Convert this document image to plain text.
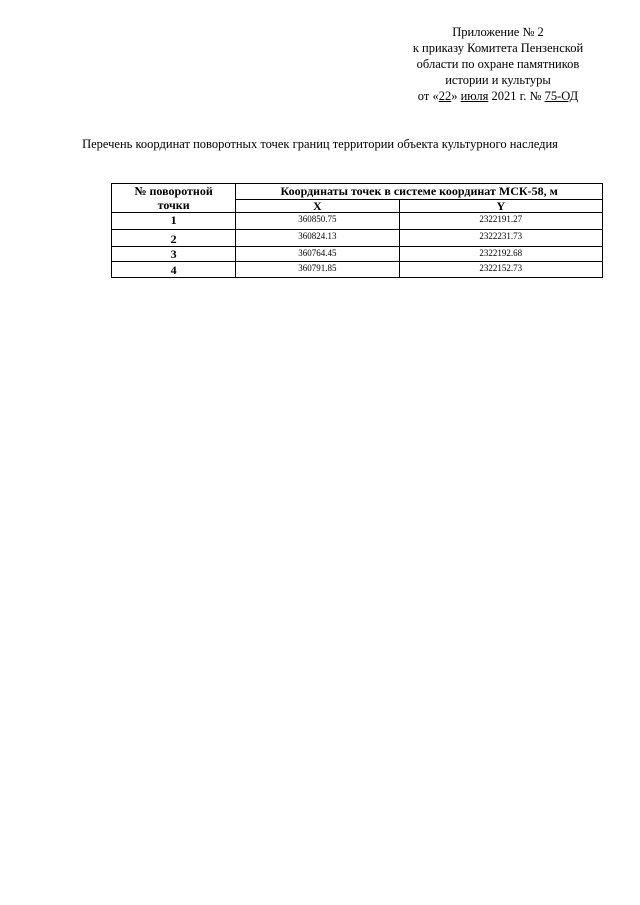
Приложение № 2
к приказу Комитета Пензенской
области по охране памятников
истории и культуры
от «22» июля 2021 г. № 75-ОД
Перечень координат поворотных точек границ территории объекта культурного наследия
№ поворотной
точки	Координаты точек в системе координат МСК-58, м	
	X	Y
1	360850.75	2322191.27
2	360824.13	2322231.73
3	360764.45	2322192.68
4	360791.85	2322152.73
